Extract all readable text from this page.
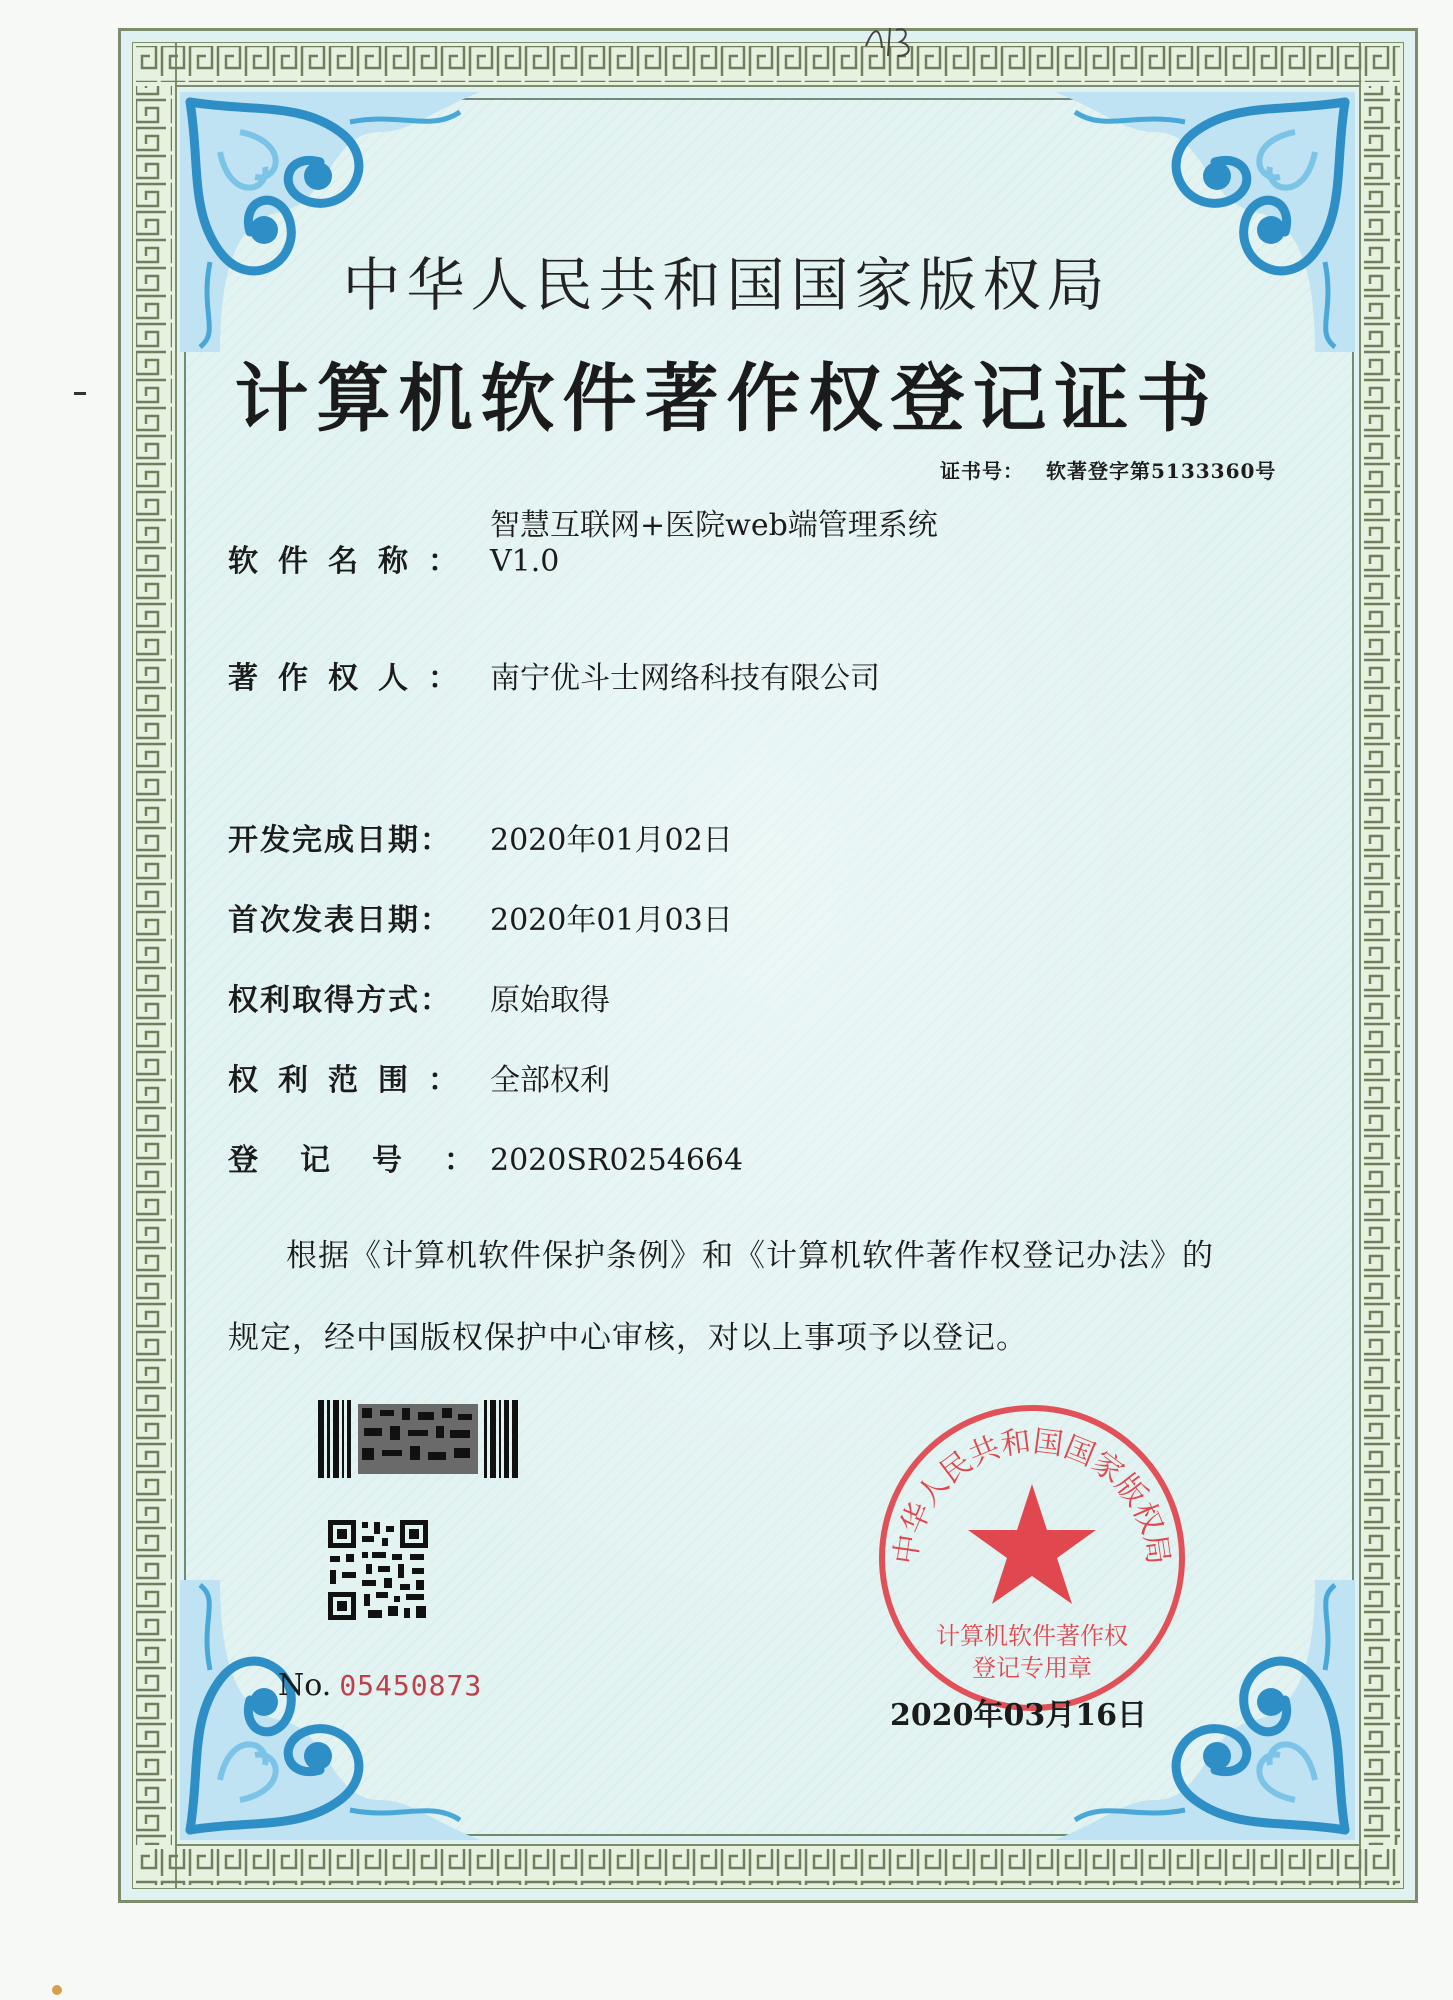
中华人民共和国国家版权局
计算机软件著作权登记证书
证书号： 软著登字第5133360号
软件名称：
智慧互联网+医院web端管理系统
V1.0
著作权人： 南宁优斗士网络科技有限公司
开发完成日期： 2020年01月02日
首次发表日期： 2020年01月03日
权利取得方式： 原始取得
权利范围： 全部权利
登记号：2020SR0254664
根据《计算机软件保护条例》和《计算机软件著作权登记办法》的
规定，经中国版权保护中心审核，对以上事项予以登记。
No. 05450873
中华人民共和国国家版权局
计算机软件著作权
登记专用章
2020年03月16日
